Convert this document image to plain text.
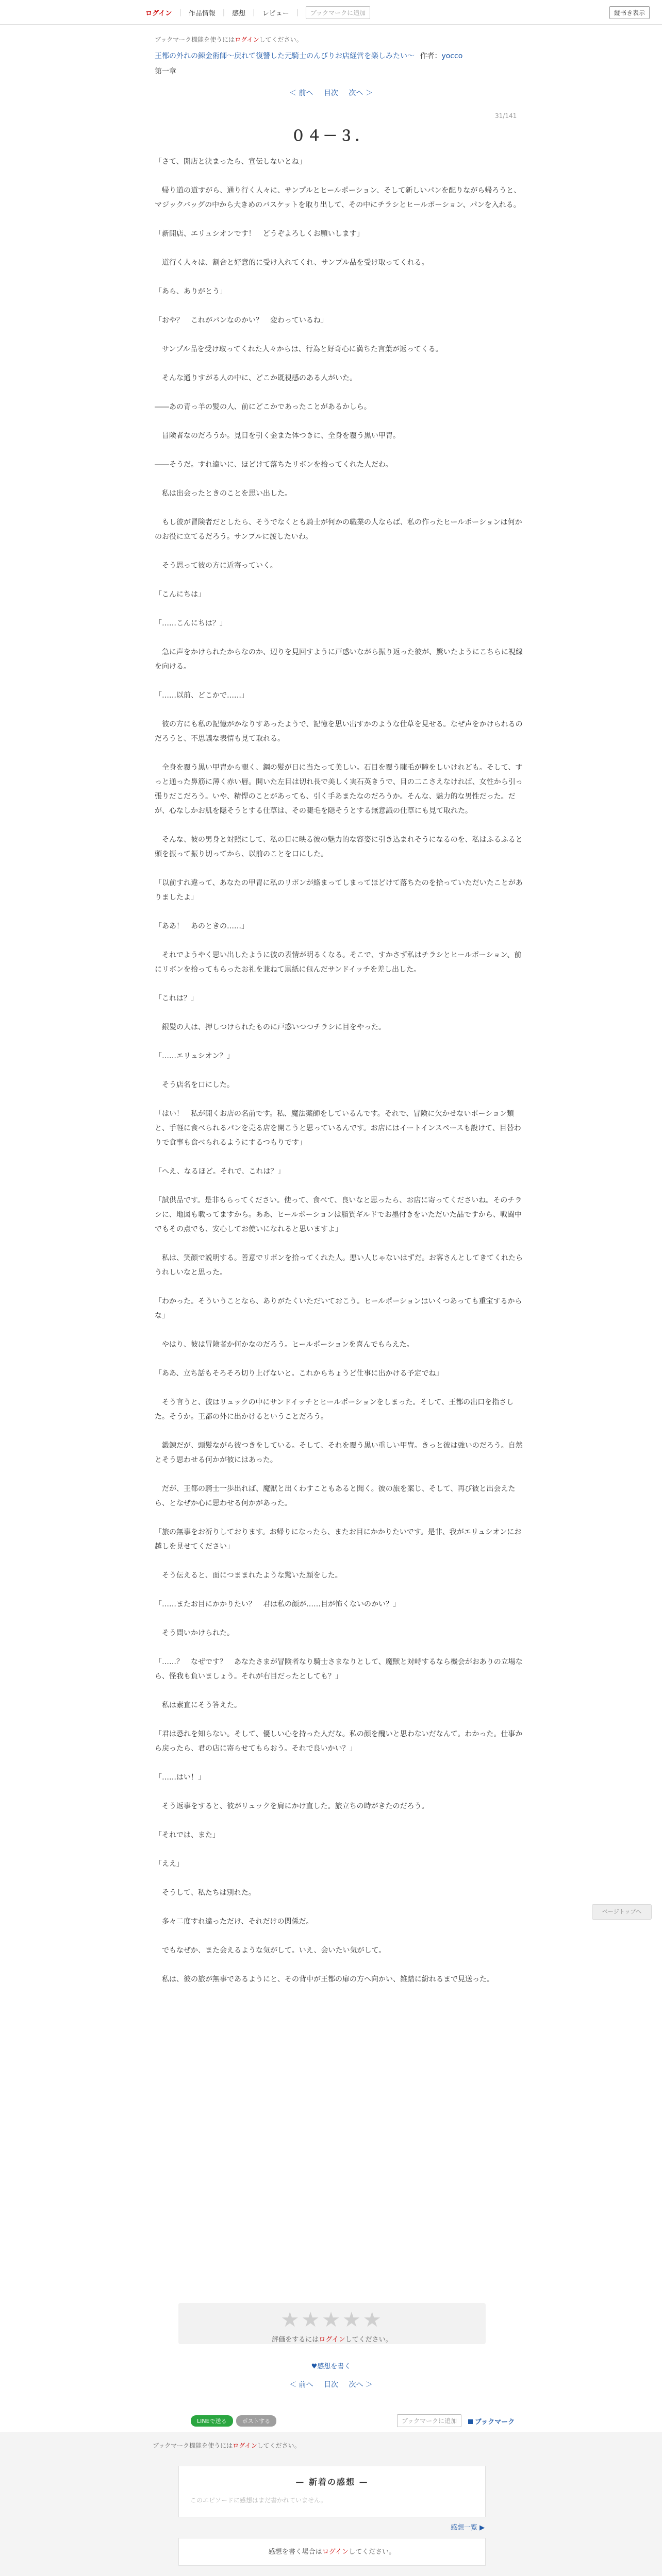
ログイン | 作品情報 | 感想 | レビュー |	ブックマークに追加	縦书き表示
ブックマーク機能を使うにはログインしてください。
王都の外れの錬金術師～戻れて復讐した元騎士のんびりお店経営を楽しみたい～ 作者：yocco
第一章
＜ 前へ 目次 次へ ＞
31/141
０４－３．

「さて、開店と決まったら、宣伝しないとね」

　帰り道の道すがら、通り行く人々に、サンプルとヒールポーション、そして新しいパンを配りながら帰ろうと、マジックバッグの中から大きめのバスケットを取り出して、その中にチラシとヒールポーション、パンを入れる。

「新開店、エリュシオンです！　どうぞよろしくお願いします」

　道行く人々は、割合と好意的に受け入れてくれ、サンプル品を受け取ってくれる。

「あら、ありがとう」

「おや？　これがパンなのかい？　変わっているね」

　サンプル品を受け取ってくれた人々からは、行為と好奇心に満ちた言葉が返ってくる。

　そんな通りすがる人の中に、どこか既視感のある人がいた。

――あの青っ羊の髪の人、前にどこかであったことがあるかしら。

　冒険者なのだろうか。見目を引く金また体つきに、全身を覆う黒い甲冑。

――そうだ。すれ違いに、ほどけて落ちたリボンを拾ってくれた人だわ。

　私は出会ったときのことを思い出した。

　もし彼が冒険者だとしたら、そうでなくとも騎士が何かの職業の人ならば、私の作ったヒールポーションは何かのお役に立てるだろう。サンプルに渡したいわ。

　そう思って彼の方に近寄っていく。

「こんにちは」

「……こんにちは？」

　急に声をかけられたからなのか、辺りを見回すように戸惑いながら振り返った彼が、驚いたようにこちらに視線を向ける。

「……以前、どこかで……」

　彼の方にも私の記憶がかなりすあったようで、記憶を思い出すかのような仕草を見せる。なぜ声をかけられるのだろうと、不思議な表情も見て取れる。

　全身を覆う黒い甲冑から覗く、鋼の髪が日に当たって美しい。石目を覆う睫毛が瞳をしいけれども。そして、すっと通った鼻筋に薄く赤い唇。開いた左目は切れ長で美しく実石英きうで、目の二こさえなければ、女性から引っ張りだこだろう。いや、精悍のことがあっても、引く手あまたなのだろうか。そんな、魅力的な男性だった。だが、心なしかお肌を隠そうとする仕草は、その睫毛を隠そうとする無意識の仕草にも見て取れた。

　そんな、彼の男身と対照にして、私の目に映る彼の魅力的な容姿に引き込まれそうになるのを、私はふるふると頭を振って振り切ってから、以前のことを口にした。

「以前すれ違って、あなたの甲冑に私のリボンが絡まってしまってほどけて落ちたのを拾っていただいたことがありましたよ」

「ああ！　あのときの……」

　それでようやく思い出したように彼の表情が明るくなる。そこで、すかさず私はチラシとヒールポーション、前にリボンを拾ってもらったお礼を兼ねて黒紙に包んだサンドイッチを差し出した。

「これは？」

　銀髪の人は、押しつけられたものに戸惑いつつチラシに目をやった。

「……エリュシオン？」

　そう店名を口にした。

「はい！　私が開くお店の名前です。私、魔法薬師をしているんです。それで、冒険に欠かせないポーション類と、手軽に食べられるパンを売る店を開こうと思っているんです。お店にはイートインスペースも設けて、目替わりで食事も食べられるようにするつもりです」

「へえ、なるほど。それで、これは？」

「試供品です。是非もらってください。使って、食べて、良いなと思ったら、お店に寄ってくださいね。そのチラシに、地図も載ってますから。ああ、ヒールポーションは脂質ギルドでお墨付きをいただいた品ですから、戦闘中でもその点でも、安心してお使いになれると思いますよ」

　私は、笑顔で説明する。善意でリボンを拾ってくれた人。悪い人じゃないはずだ。お客さんとしてきてくれたらうれしいなと思った。

「わかった。そういうことなら、ありがたくいただいておこう。ヒールポーションはいくつあっても重宝するからな」

　やはり、彼は冒険者か何かなのだろう。ヒールポーションを喜んでもらえた。

「ああ、立ち話もそろそろ切り上げないと。これからちょうど仕事に出かける予定でね」

　そう言うと、彼はリュックの中にサンドイッチとヒールポーションをしまった。そして、王都の出口を指さした。そうか。王都の外に出かけるということだろう。

　鍛錬だが、頭髪ながら彼つきをしている。そして、それを覆う黒い重しい甲冑。きっと彼は強いのだろう。自然とそう思わせる何かが彼にはあった。

　だが、王都の騎士一歩出れば、魔獣と出くわすこともあると聞く。彼の旅を案じ、そして、再び彼と出会えたら、となぜか心に思わせる何かがあった。

「旅の無事をお祈りしております。お帰りになったら、またお目にかかりたいです。是非、我がエリュシオンにお越しを見せてください」

　そう伝えると、面につままれたような驚いた顔をした。

「……またお目にかかりたい？　君は私の顔が……目が怖くないのかい？」

　そう問いかけられた。

「……？　なぜです？　あなたさまが冒険者なり騎士さまなりとして、魔獣と対峙するなら機会がおありの立場なら、怪我も負いましょう。それが右目だったとしても？」

　私は素直にそう答えた。

「君は恐れを知らない。そして、優しい心を持った人だな。私の顔を醜いと思わないだなんて。わかった。仕事から戻ったら、君の店に寄らせてもらおう。それで良いかい？」

「……はい！」

　そう返事をすると、彼がリュックを肩にかけ直した。旅立ちの時がきたのだろう。

「それでは、また」

「ええ」

　そうして、私たちは別れた。

　多々二度すれ違っただけ、それだけの関係だ。

　でもなぜか、また会えるような気がして。いえ、会いたい気がして。

　私は、彼の旅が無事であるようにと、その背中が王都の扉の方へ向かい、雑踏に紛れるまで見送った。

★★★★★
評価をするにはログインしてください。
♥感想を書く
＜ 前へ 目次 次へ ＞
LINEで送る	ポストする	ブックマークに追加	ブックマーク
ブックマーク機能を使うにはログインしてください。
— 新着の感想 —
このエピソードに感想はまだ書かれていません。
感想一覧 ▶
感想を書く場合はログインしてください。
ページトップへ
